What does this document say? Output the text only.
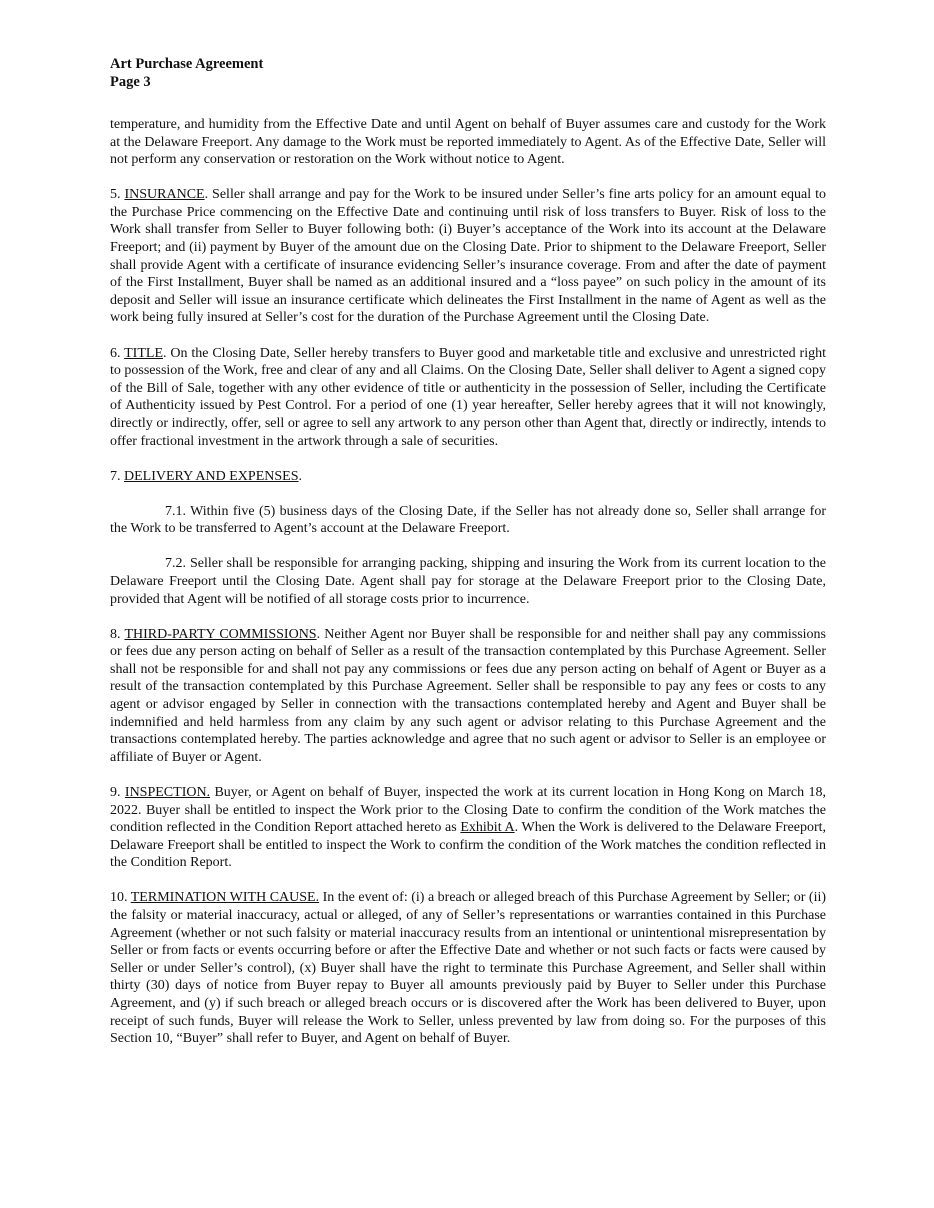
Art Purchase Agreement
Page 3

temperature, and humidity from the Effective Date and until Agent on behalf of Buyer assumes care and custody for the Work at the Delaware Freeport. Any damage to the Work must be reported immediately to Agent. As of the Effective Date, Seller will not perform any conservation or restoration on the Work without notice to Agent.

5. INSURANCE. Seller shall arrange and pay for the Work to be insured under Seller’s fine arts policy for an amount equal to the Purchase Price commencing on the Effective Date and continuing until risk of loss transfers to Buyer. Risk of loss to the Work shall transfer from Seller to Buyer following both: (i) Buyer’s acceptance of the Work into its account at the Delaware Freeport; and (ii) payment by Buyer of the amount due on the Closing Date. Prior to shipment to the Delaware Freeport, Seller shall provide Agent with a certificate of insurance evidencing Seller’s insurance coverage. From and after the date of payment of the First Installment, Buyer shall be named as an additional insured and a “loss payee” on such policy in the amount of its deposit and Seller will issue an insurance certificate which delineates the First Installment in the name of Agent as well as the work being fully insured at Seller’s cost for the duration of the Purchase Agreement until the Closing Date.

6. TITLE. On the Closing Date, Seller hereby transfers to Buyer good and marketable title and exclusive and unrestricted right to possession of the Work, free and clear of any and all Claims. On the Closing Date, Seller shall deliver to Agent a signed copy of the Bill of Sale, together with any other evidence of title or authenticity in the possession of Seller, including the Certificate of Authenticity issued by Pest Control. For a period of one (1) year hereafter, Seller hereby agrees that it will not knowingly, directly or indirectly, offer, sell or agree to sell any artwork to any person other than Agent that, directly or indirectly, intends to offer fractional investment in the artwork through a sale of securities.

7. DELIVERY AND EXPENSES.

7.1. Within five (5) business days of the Closing Date, if the Seller has not already done so, Seller shall arrange for the Work to be transferred to Agent’s account at the Delaware Freeport.

7.2. Seller shall be responsible for arranging packing, shipping and insuring the Work from its current location to the Delaware Freeport until the Closing Date. Agent shall pay for storage at the Delaware Freeport prior to the Closing Date, provided that Agent will be notified of all storage costs prior to incurrence.

8. THIRD-PARTY COMMISSIONS. Neither Agent nor Buyer shall be responsible for and neither shall pay any commissions or fees due any person acting on behalf of Seller as a result of the transaction contemplated by this Purchase Agreement. Seller shall not be responsible for and shall not pay any commissions or fees due any person acting on behalf of Agent or Buyer as a result of the transaction contemplated by this Purchase Agreement. Seller shall be responsible to pay any fees or costs to any agent or advisor engaged by Seller in connection with the transactions contemplated hereby and Agent and Buyer shall be indemnified and held harmless from any claim by any such agent or advisor relating to this Purchase Agreement and the transactions contemplated hereby. The parties acknowledge and agree that no such agent or advisor to Seller is an employee or affiliate of Buyer or Agent.

9. INSPECTION. Buyer, or Agent on behalf of Buyer, inspected the work at its current location in Hong Kong on March 18, 2022. Buyer shall be entitled to inspect the Work prior to the Closing Date to confirm the condition of the Work matches the condition reflected in the Condition Report attached hereto as Exhibit A. When the Work is delivered to the Delaware Freeport, Delaware Freeport shall be entitled to inspect the Work to confirm the condition of the Work matches the condition reflected in the Condition Report.

10. TERMINATION WITH CAUSE. In the event of: (i) a breach or alleged breach of this Purchase Agreement by Seller; or (ii) the falsity or material inaccuracy, actual or alleged, of any of Seller’s representations or warranties contained in this Purchase Agreement (whether or not such falsity or material inaccuracy results from an intentional or unintentional misrepresentation by Seller or from facts or events occurring before or after the Effective Date and whether or not such facts or facts were caused by Seller or under Seller’s control), (x) Buyer shall have the right to terminate this Purchase Agreement, and Seller shall within thirty (30) days of notice from Buyer repay to Buyer all amounts previously paid by Buyer to Seller under this Purchase Agreement, and (y) if such breach or alleged breach occurs or is discovered after the Work has been delivered to Buyer, upon receipt of such funds, Buyer will release the Work to Seller, unless prevented by law from doing so. For the purposes of this Section 10, “Buyer” shall refer to Buyer, and Agent on behalf of Buyer.
